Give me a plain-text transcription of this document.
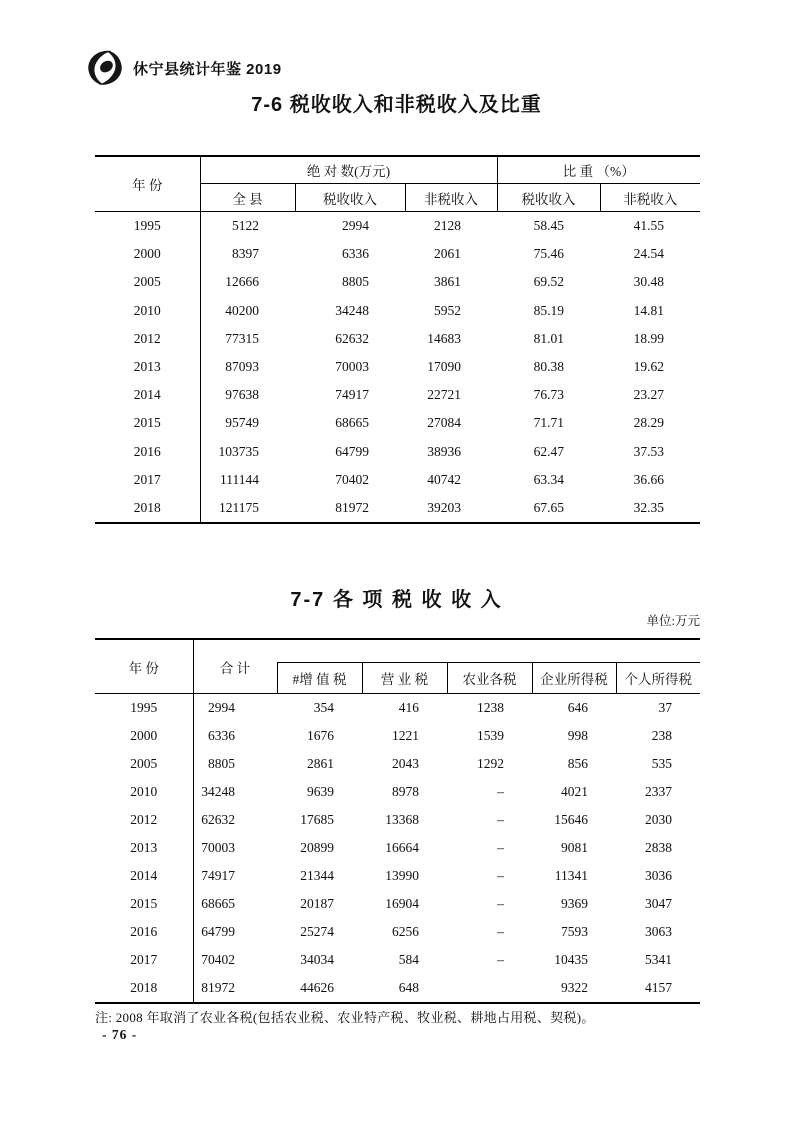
休宁县统计年鉴 2019
7-6 税收收入和非税收入及比重
年 份	绝 对 数(万元)			比 重 （%）	
	全 县	税收收入	非税收入	税收收入	非税收入
1995	5122	2994	2128	58.45	41.55
2000	8397	6336	2061	75.46	24.54
2005	12666	8805	3861	69.52	30.48
2010	40200	34248	5952	85.19	14.81
2012	77315	62632	14683	81.01	18.99
2013	87093	70003	17090	80.38	19.62
2014	97638	74917	22721	76.73	23.27
2015	95749	68665	27084	71.71	28.29
2016	103735	64799	38936	62.47	37.53
2017	111144	70402	40742	63.34	36.66
2018	121175	81972	39203	67.65	32.35
7-7 各 项 税 收 收 入
单位:万元
年 份	合 计					
		#增 值 税	营 业 税	农业各税	企业所得税	个人所得税
1995	2994	354	416	1238	646	37
2000	6336	1676	1221	1539	998	238
2005	8805	2861	2043	1292	856	535
2010	34248	9639	8978	–	4021	2337
2012	62632	17685	13368	–	15646	2030
2013	70003	20899	16664	–	9081	2838
2014	74917	21344	13990	–	11341	3036
2015	68665	20187	16904	–	9369	3047
2016	64799	25274	6256	–	7593	3063
2017	70402	34034	584	–	10435	5341
2018	81972	44626	648		9322	4157
注: 2008 年取消了农业各税(包括农业税、农业特产税、牧业税、耕地占用税、契税)。
- 76 -
